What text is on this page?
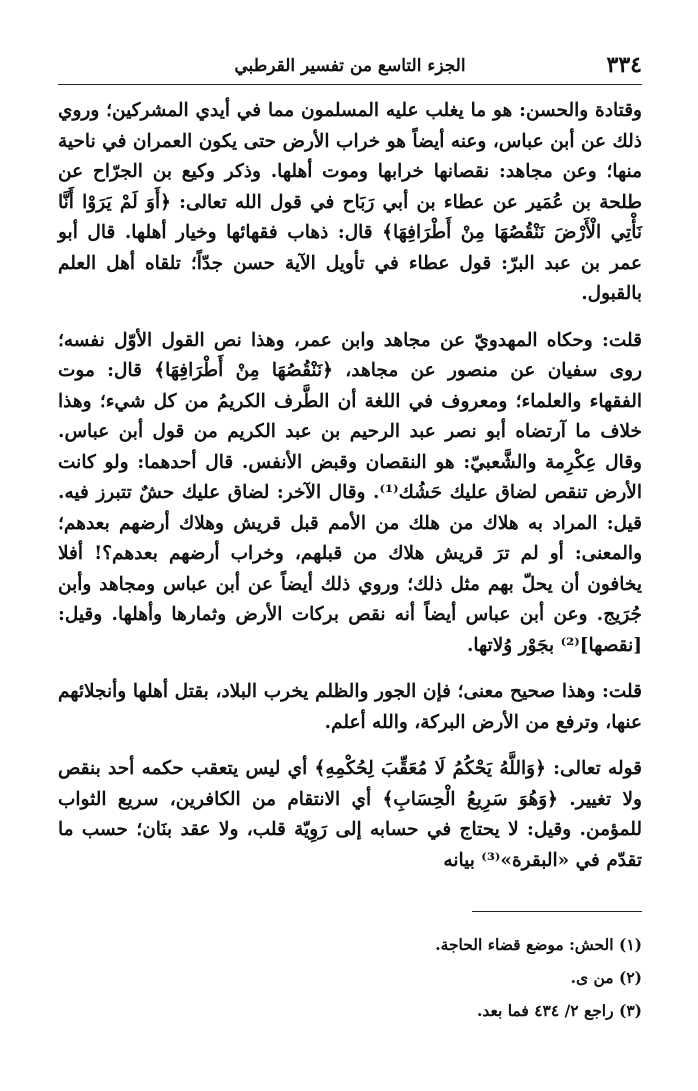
٣٣٤
الجزء التاسع من تفسير القرطبي

وقتادة والحسن: هو ما يغلب عليه المسلمون مما في أيدي المشركين؛ وروي ذلك عن أبن عباس، وعنه أيضاً هو خراب الأرض حتى يكون العمران في ناحية منها؛ وعن مجاهد: نقصانها خرابها وموت أهلها. وذكر وكيع بن الجرّاح عن طلحة بن عُمَير عن عطاء بن أبي رَبَاح في قول الله تعالى: ﴿أَوَ لَمْ يَرَوْا أَنَّا نَأْتِي الْأَرْضَ نَنْقُصُهَا مِنْ أَطْرَافِهَا﴾ قال: ذهاب فقهائها وخيار أهلها. قال أبو عمر بن عبد البرّ: قول عطاء في تأويل الآية حسن جدّاً؛ تلقاه أهل العلم بالقبول.

قلت: وحكاه المهدويّ عن مجاهد وابن عمر، وهذا نص القول الأوّل نفسه؛ روى سفيان عن منصور عن مجاهد، ﴿نَنْقُصُهَا مِنْ أَطْرَافِهَا﴾ قال: موت الفقهاء والعلماء؛ ومعروف في اللغة أن الطَّرف الكريمُ من كل شيء؛ وهذا خلاف ما آرتضاه أبو نصر عبد الرحيم بن عبد الكريم من قول أبن عباس. وقال عِكْرِمة والشَّعبيّ: هو النقصان وقبض الأنفس. قال أحدهما: ولو كانت الأرض تنقص لضاق عليك حَشُك⁽¹⁾. وقال الآخر: لضاق عليك حشٌ تتبرز فيه. قيل: المراد به هلاك من هلك من الأمم قبل قريش وهلاك أرضهم بعدهم؛ والمعنى: أو لم ترَ قريش هلاك من قبلهم، وخراب أرضهم بعدهم؟! أفلا يخافون أن يحلّ بهم مثل ذلك؛ وروي ذلك أيضاً عن أبن عباس ومجاهد وأبن جُرَيج. وعن أبن عباس أيضاً أنه نقص بركات الأرض وثمارها وأهلها. وقيل: [نقصها]⁽²⁾ بجَوْر وُلاتها.

قلت: وهذا صحيح معنى؛ فإن الجور والظلم يخرب البلاد، بقتل أهلها وأنجلائهم عنها، وترفع من الأرض البركة، والله أعلم.

قوله تعالى: ﴿وَاللَّهُ يَحْكُمُ لَا مُعَقِّبَ لِحُكْمِهِ﴾ أي ليس يتعقب حكمه أحد بنقص ولا تغيير. ﴿وَهُوَ سَرِيعُ الْحِسَابِ﴾ أي الانتقام من الكافرين، سريع الثواب للمؤمن. وقيل: لا يحتاج في حسابه إلى رَوِيّة قلب، ولا عقد بنَان؛ حسب ما تقدّم في «البقرة»⁽³⁾ بيانه

(١) الحش: موضع قضاء الحاجة.
(٢) من ى.
(٣) راجع ٢/ ٤٣٤ فما بعد.
